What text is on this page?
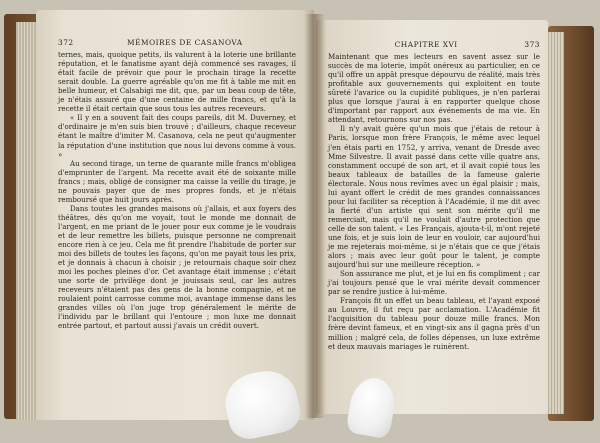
372	MÉMOIRES DE CASANOVA

ternes, mais, quoique petits, ils valurent à la loterie une brillante réputation, et le fanatisme ayant déjà commencé ses ravages, il était facile de prévoir que pour le prochain tirage la recette serait double. La guerre agréable qu'on me fit à table me mit en belle humeur, et Calsabigi me dit, que, par un beau coup de tête, je n'étais assuré que d'une centaine de mille francs, et qu'à la recette il était certain que sous tous les autres receveurs.

« Il y en a souvent fait des coups pareils, dit M. Duverney, et d'ordinaire je m'en suis bien trouvé ; d'ailleurs, chaque receveur étant le maître d'imiter M. Casanova, cela ne peut qu'augmenter la réputation d'une institution que nous lui devons comme à vous. »

Au second tirage, un terne de quarante mille francs m'obligea d'emprunter de l'argent. Ma recette avait été de soixante mille francs ; mais, obligé de consigner ma caisse la veille du tirage, je ne pouvais payer que de mes propres fonds, et je n'étais remboursé que huit jours après.

Dans toutes les grandes maisons où j'allais, et aux foyers des théâtres, dès qu'on me voyait, tout le monde me donnait de l'argent, en me priant de le jouer pour eux comme je le voudrais et de leur remettre les billets, puisque personne ne comprenait encore rien à ce jeu. Cela me fit prendre l'habitude de porter sur moi des billets de toutes les façons, qu'on me payait tous les prix, et je donnais à chacun à choisir ; je retournais chaque soir chez moi les poches pleines d'or. Cet avantage était immense ; c'était une sorte de privilège dont je jouissais seul, car les autres receveurs n'étaient pas des gens de la bonne compagnie, et ne roulaient point carrosse comme moi, avantage immense dans les grandes villes où l'on juge trop généralement le mérite de l'individu par le brillant qui l'entoure ; mon luxe me donnait entrée partout, et partout aussi j'avais un crédit ouvert.

CHAPITRE XVI	373

Maintenant que mes lecteurs en savent assez sur le succès de ma loterie, impôt onéreux au particulier, en ce qu'il offre un appât presque dépourvu de réalité, mais très profitable aux gouvernements qui exploitent en toute sûreté l'avarice ou la cupidité publiques, je n'en parlerai plus que lorsque j'aurai à en rapporter quelque chose d'important par rapport aux événements de ma vie. En attendant, retournons sur nos pas.

Il n'y avait guère qu'un mois que j'étais de retour à Paris, lorsque mon frère François, le même avec lequel j'en étais parti en 1752, y arriva, venant de Dresde avec Mme Silvestre. Il avait passé dans cette ville quatre ans, constamment occupé de son art, et il avait copié tous les beaux tableaux de batailles de la fameuse galerie électorale. Nous nous revîmes avec un égal plaisir ; mais, lui ayant offert le crédit de mes grandes connaissances pour lui faciliter sa réception à l'Académie, il me dit avec la fierté d'un artiste qui sent son mérite qu'il me remerciait, mais qu'il ne voulait d'autre protection que celle de son talent. « Les Français, ajouta-t-il, m'ont rejeté une fois, et je suis loin de leur en vouloir, car aujourd'hui je me rejeterais moi-même, si je n'étais que ce que j'étais alors ; mais avec leur goût pour le talent, je compte aujourd'hui sur une meilleure réception. »

Son assurance me plut, et je lui en fis compliment ; car j'ai toujours pensé que le vrai mérite devait commencer par se rendre justice à lui-même.

François fit un effet un beau tableau, et l'ayant exposé au Louvre, il fut reçu par acclamation. L'Académie fit l'acquisition du tableau pour douze mille francs. Mon frère devint fameux, et en vingt-six ans il gagna près d'un million ; malgré cela, de folles dépenses, un luxe extrême et deux mauvais mariages le ruinèrent.
